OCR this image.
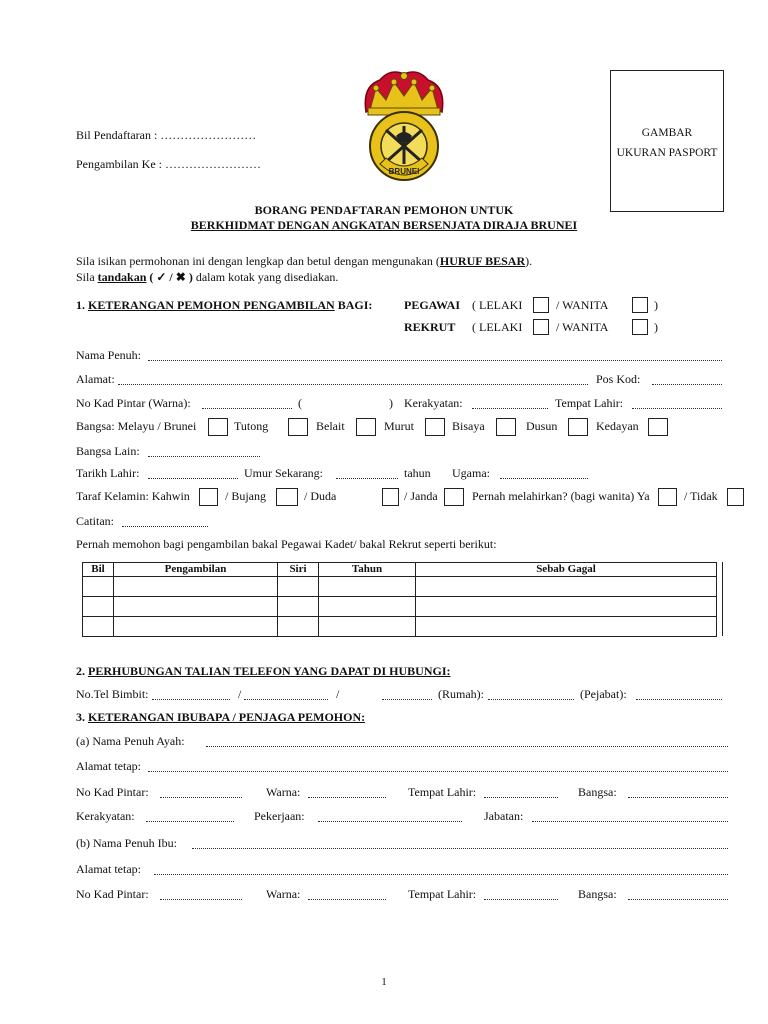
Bil Pendaftaran : ……………………
Pengambilan Ke : ……………………
BRUNEI
GAMBAR
UKURAN PASPORT
BORANG PENDAFTARAN PEMOHON UNTUK
BERKHIDMAT DENGAN ANGKATAN BERSENJATA DIRAJA BRUNEI
Sila isikan permohonan ini dengan lengkap dan betul dengan mengunakan (HURUF BESAR).
Sila tandakan ( ✓ / ✖ ) dalam kotak yang disediakan.
1. KETERANGAN PEMOHON PENGAMBILAN BAGI:	PEGAWAI ( LELAKI	/ WANITA	)
REKRUT ( LELAKI	/ WANITA	)
Nama Penuh:
Alamat:	Pos Kod:
No Kad Pintar (Warna):	(	) Kerakyatan:	Tempat Lahir:
Bangsa: Melayu / Brunei	Tutong	Belait	Murut	Bisaya	Dusun	Kedayan
Bangsa Lain:
Tarikh Lahir:	Umur Sekarang:	tahun Ugama:
Taraf Kelamin: Kahwin	/ Bujang	/ Duda	/ Janda	Pernah melahirkan? (bagi wanita) Ya	/ Tidak
Catitan:
Pernah memohon bagi pengambilan bakal Pegawai Kadet/ bakal Rekrut seperti berikut:
Bil	Pengambilan	Siri	Tahun	Sebab Gagal

2. PERHUBUNGAN TALIAN TELEFON YANG DAPAT DI HUBUNGI:
No.Tel Bimbit:	/	/	(Rumah):	(Pejabat):
3. KETERANGAN IBUBAPA / PENJAGA PEMOHON:
(a) Nama Penuh Ayah:
Alamat tetap:
No Kad Pintar:	Warna:	Tempat Lahir:	Bangsa:
Kerakyatan:	Pekerjaan:	Jabatan:
(b) Nama Penuh Ibu:
Alamat tetap:
No Kad Pintar:	Warna:	Tempat Lahir:	Bangsa:
1
